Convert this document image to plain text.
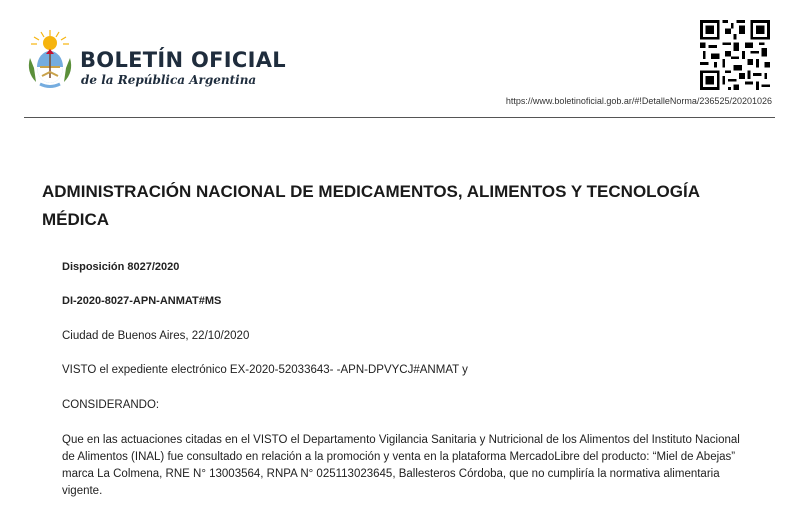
BOLETÍN OFICIAL
de la República Argentina
https://www.boletinoficial.gob.ar/#!DetalleNorma/236525/20201026
ADMINISTRACIÓN NACIONAL DE MEDICAMENTOS, ALIMENTOS Y TECNOLOGÍA MÉDICA
Disposición 8027/2020
DI-2020-8027-APN-ANMAT#MS
Ciudad de Buenos Aires, 22/10/2020
VISTO el expediente electrónico EX-2020-52033643- -APN-DPVYCJ#ANMAT y
CONSIDERANDO:
Que en las actuaciones citadas en el VISTO el Departamento Vigilancia Sanitaria y Nutricional de los Alimentos del Instituto Nacional de Alimentos (INAL) fue consultado en relación a la promoción y venta en la plataforma MercadoLibre del producto: “Miel de Abejas” marca La Colmena, RNE N° 13003564, RNPA N° 025113023645, Ballesteros Córdoba, que no cumpliría la normativa alimentaria vigente.
